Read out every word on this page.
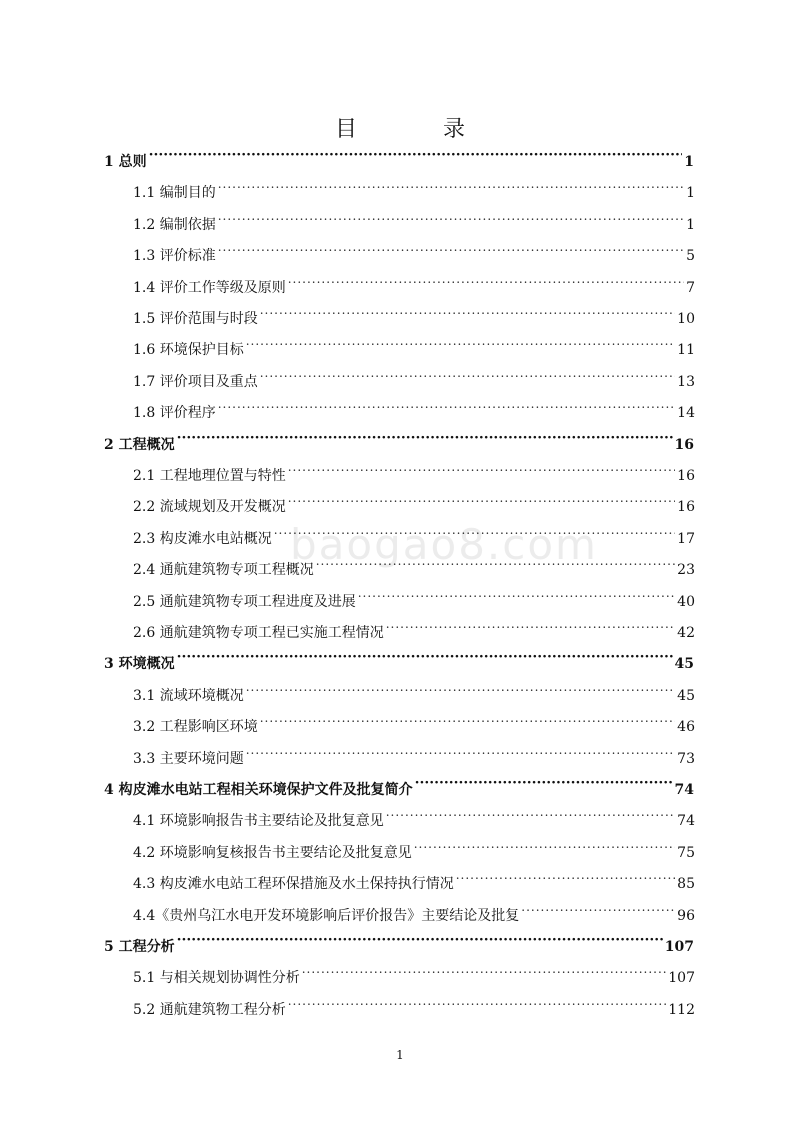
baogao8.com
目　录
1 总则 ·····	1
1.1 编制目的 .....	1
1.2 编制依据 .....	1
1.3 评价标准 .....	5
1.4 评价工作等级及原则 .....	7
1.5 评价范围与时段 .....	10
1.6 环境保护目标 .....	11
1.7 评价项目及重点 .....	13
1.8 评价程序 .....	14
2 工程概况 ·····	16
2.1 工程地理位置与特性 .....	16
2.2 流域规划及开发概况 .....	16
2.3 构皮滩水电站概况 .....	17
2.4 通航建筑物专项工程概况 .....	23
2.5 通航建筑物专项工程进度及进展 .....	40
2.6 通航建筑物专项工程已实施工程情况 .....	42
3 环境概况 ·····	45
3.1 流域环境概况 .....	45
3.2 工程影响区环境 .....	46
3.3 主要环境问题 .....	73
4 构皮滩水电站工程相关环境保护文件及批复简介 ·····	74
4.1 环境影响报告书主要结论及批复意见 .....	74
4.2 环境影响复核报告书主要结论及批复意见 .....	75
4.3 构皮滩水电站工程环保措施及水土保持执行情况 .....	85
4.4《贵州乌江水电开发环境影响后评价报告》主要结论及批复 .....	96
5 工程分析 ·····	107
5.1 与相关规划协调性分析 .....	107
5.2 通航建筑物工程分析 .....	112
1
